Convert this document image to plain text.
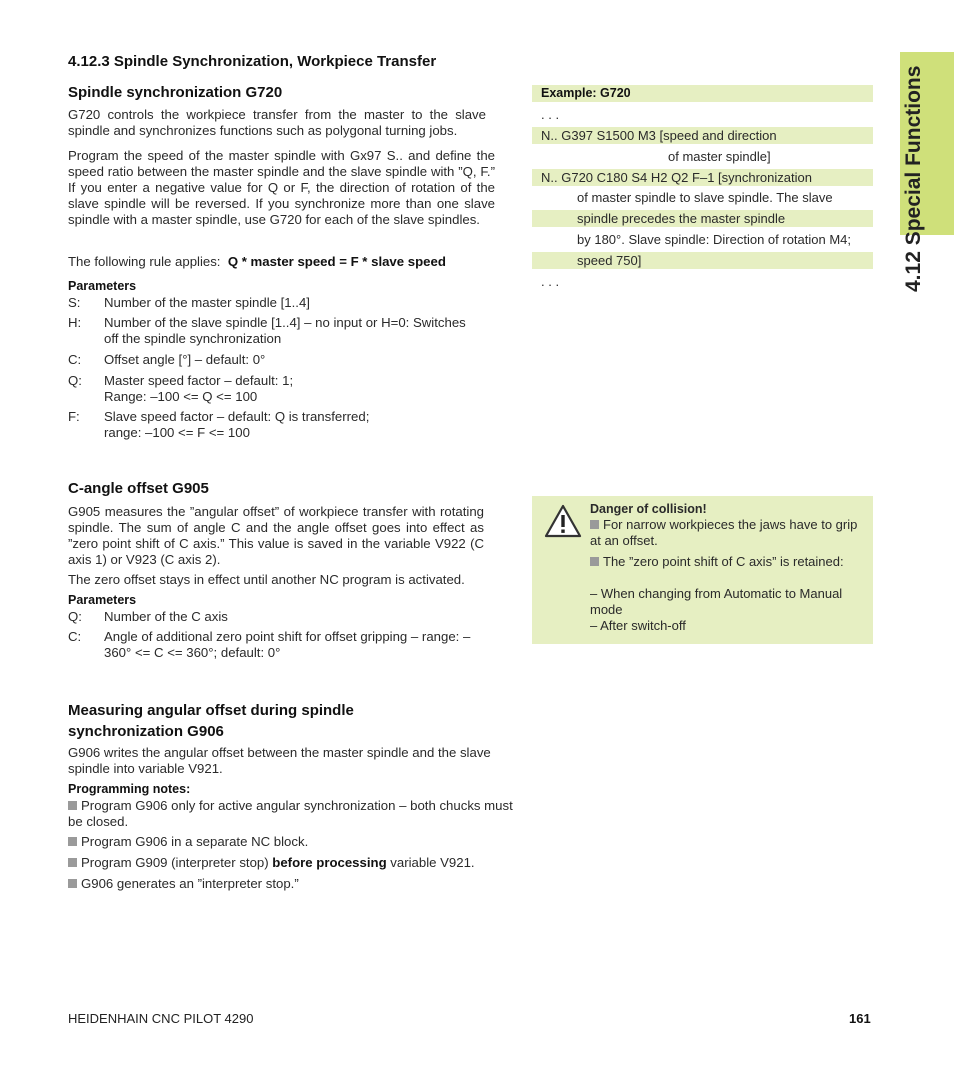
4.12 Special Functions
4.12.3 Spindle Synchronization, Workpiece Transfer
Spindle synchronization G720
G720 controls the workpiece transfer from the master to the slave spindle and synchronizes functions such as polygonal turning jobs.
Program the speed of the master spindle with Gx97 S.. and define the speed ratio between the master spindle and the slave spindle with ”Q, F.” If you enter a negative value for Q or F, the direction of rotation of the slave spindle will be reversed. If you synchronize more than one slave spindle with a master spindle, use G720 for each of the slave spindles.
The following rule applies: Q * master speed = F * slave speed
Parameters
S:	Number of the master spindle [1..4]
H:	Number of the slave spindle [1..4] – no input or H=0: Switches
off the spindle synchronization
C:	Offset angle [°] – default: 0°
Q:	Master speed factor – default: 1;
Range: –100 <= Q <= 100
F:	Slave speed factor – default: Q is transferred;
range: –100 <= F <= 100
Example: G720
. . .
N.. G397 S1500 M3 [speed and direction
of master spindle]
N.. G720 C180 S4 H2 Q2 F–1 [synchronization
of master spindle to slave spindle. The slave
spindle precedes the master spindle
by 180°. Slave spindle: Direction of rotation M4;
speed 750]
. . .
C-angle offset G905
G905 measures the ”angular offset” of workpiece transfer with rotating spindle. The sum of angle C and the angle offset goes into effect as ”zero point shift of C axis.” This value is saved in the variable V922 (C axis 1) or V923 (C axis 2).
The zero offset stays in effect until another NC program is activated.
Parameters
Q:	Number of the C axis
C:	Angle of additional zero point shift for offset gripping – range: –
360° <= C <= 360°; default: 0°
Danger of collision!
For narrow workpieces the jaws have to grip at an offset.
The ”zero point shift of C axis” is retained:
– When changing from Automatic to Manual mode
– After switch-off
Measuring angular offset during spindle
synchronization G906
G906 writes the angular offset between the master spindle and the slave spindle into variable V921.
Programming notes:
Program G906 only for active angular synchronization – both chucks must be closed.
Program G906 in a separate NC block.
Program G909 (interpreter stop) before processing variable V921.
G906 generates an ”interpreter stop.”
HEIDENHAIN CNC PILOT 4290	161
